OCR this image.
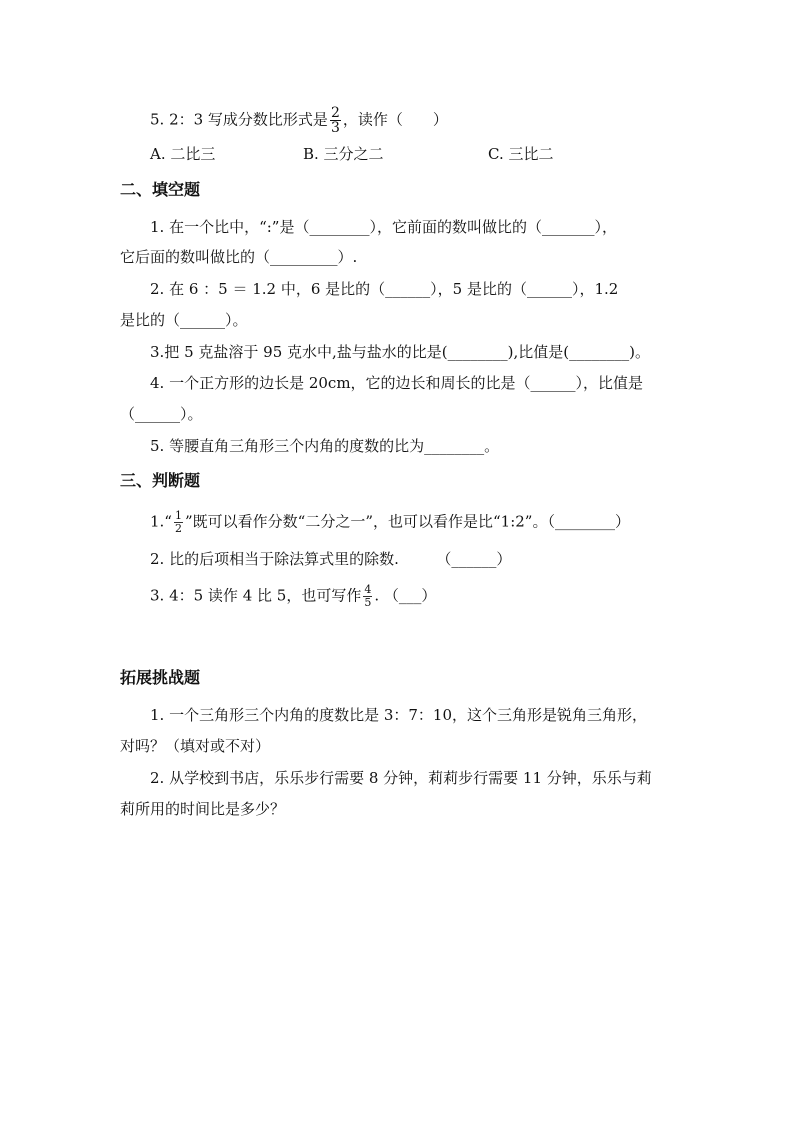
5. 2：3 写成分数比形式是 $\frac{2}{3}$ ，读作（　　）
A. 二比三	B. 三分之二	C. 三比二
二、填空题
1. 在一个比中，“:”是（________），它前面的数叫做比的（_______），
它后面的数叫做比的（_________）.
2. 在 6 ：5 ＝ 1.2 中，6 是比的（______），5 是比的（______），1.2
是比的（______）。
3.把 5 克盐溶于 95 克水中,盐与盐水的比是(________),比值是(________)。
4. 一个正方形的边长是 20cm，它的边长和周长的比是（______），比值是
（______）。
5. 等腰直角三角形三个内角的度数的比为________。
三、判断题
1.“ $\frac{1}{2}$ ”既可以看作分数“二分之一”，也可以看作是比“1:2”。（________）
2. 比的后项相当于除法算式里的除数.　　　（______）
3. 4：5 读作 4 比 5，也可写作 $\frac{4}{5}$ . （___）
拓展挑战题
1. 一个三角形三个内角的度数比是 3：7：10，这个三角形是锐角三角形，
对吗？（填对或不对）
2. 从学校到书店，乐乐步行需要 8 分钟，莉莉步行需要 11 分钟，乐乐与莉
莉所用的时间比是多少？
